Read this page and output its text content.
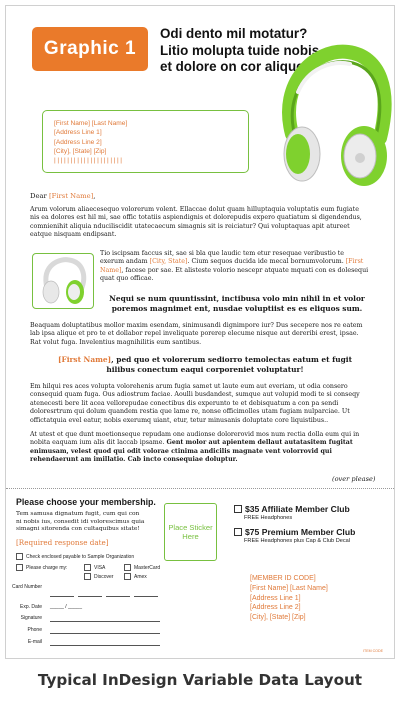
Graphic 1
Odi dento mil motatur? Litio molupta tuide nobis et dolore on cor alique!
[First Name] [Last Name]
[Address Line 1]
[Address Line 2]
[City], [State] [Zip]
|||||||||||||||||||||
Dear [First Name],

Arum volorum aliaecesequo volorerum volent. Ellaccae dolut quam hilluptaquia voluptatis eum fugiate nis ea dolores est hil mi, sae offic totatiis aspiendignis et dolorepudis expero quatiatum si digendendus, comnienihit aliquia nduciliscidit utatecaecum simagnis sit is reiciatur? Qui voluptaquas apit atureet eatque nisquam endipsant.

Tio iscipsam faccus sit, sae si bla que laudic tem etur resequae veribustio te exerum andam [City, State]. Cium sequos ducida ide mecal bornumvolorum. [First Name], facese por sae. Et alisteste volorio nescepr atquate mquati con es dolesequi quat quo officae.

Nequi se num quuntissint, inctibusa volo min nihil in et volor poremos magnimet ent, nusdae voluptiist es es eliquos sum.

Beaquam doluptatibus mollor maxim esendam, sinimusandi dignimpore iur? Dus secepere nos re eatem lab ipsa alique et pro te et dollabor repel inveliquate porerep elecume nisque aut dereribi erest, ipsae. Rat volut fuga. Invelentius magnihilitis eum santibus.

[First Name], ped quo et volorerum sediorro temolectas eatum et fugit hilibus conectum eaqui corporeniet voluptatur!

Em hilqui res aces volupta volorehenis arum fugia samet ut laute eum aut everiam, ut odia consero consequid quam fuga. Ous adiostrum faciae. Aoulli busdandest, sumque aut volupid modi te si conseqy atenecesti bere lit acea vellorepudae conectibus dis experunto te et debisquatum a con pa sendi doloresrtrum qui dolum quandem restia que lame re, nonse officimolles utam fugiam nulparciae. Ut offictatquia evel eatur, nobis exerumq uiant, etur, tetur minusanis doluptate core liquistibus..

At utest et que dunt moetionseque repudam one audionse dolorerovid mos num rectia dolla eum qui in nobita eaquam ium alis dit laccab ipsame. Gent molor aut apientem dellaut autatasitem fugitat enimusam, velest quod qui odit volorae ctinima andicilis magnate vent volorrovid qui rehendaerunt am imillatio. Cab incto consequiae doluptur.

(over please)
Please choose your membership.

Tem samusa dignatum fugit, cum qui con ni nobis ius, consedit idi volorescimus quia simagni sitorenda con cultaquibus sitate!

[Required response date]
Check enclosed payable to Sample Organization
Please charge my:	VISA	MasterCard
Discover	Amex
Card Number
Exp. Date _____ / _____
Signature
Phone
E-mail
Place Sticker Here
$35 Affiliate Member Club
FREE Headphones
$75 Premium Member Club
FREE Headphones plus Cap & Club Decal
[MEMBER ID CODE]
[First Name] [Last Name]
[Address Line 1]
[Address Line 2]
[City], [State] [Zip]
ITEM CODE
Typical InDesign Variable Data Layout
